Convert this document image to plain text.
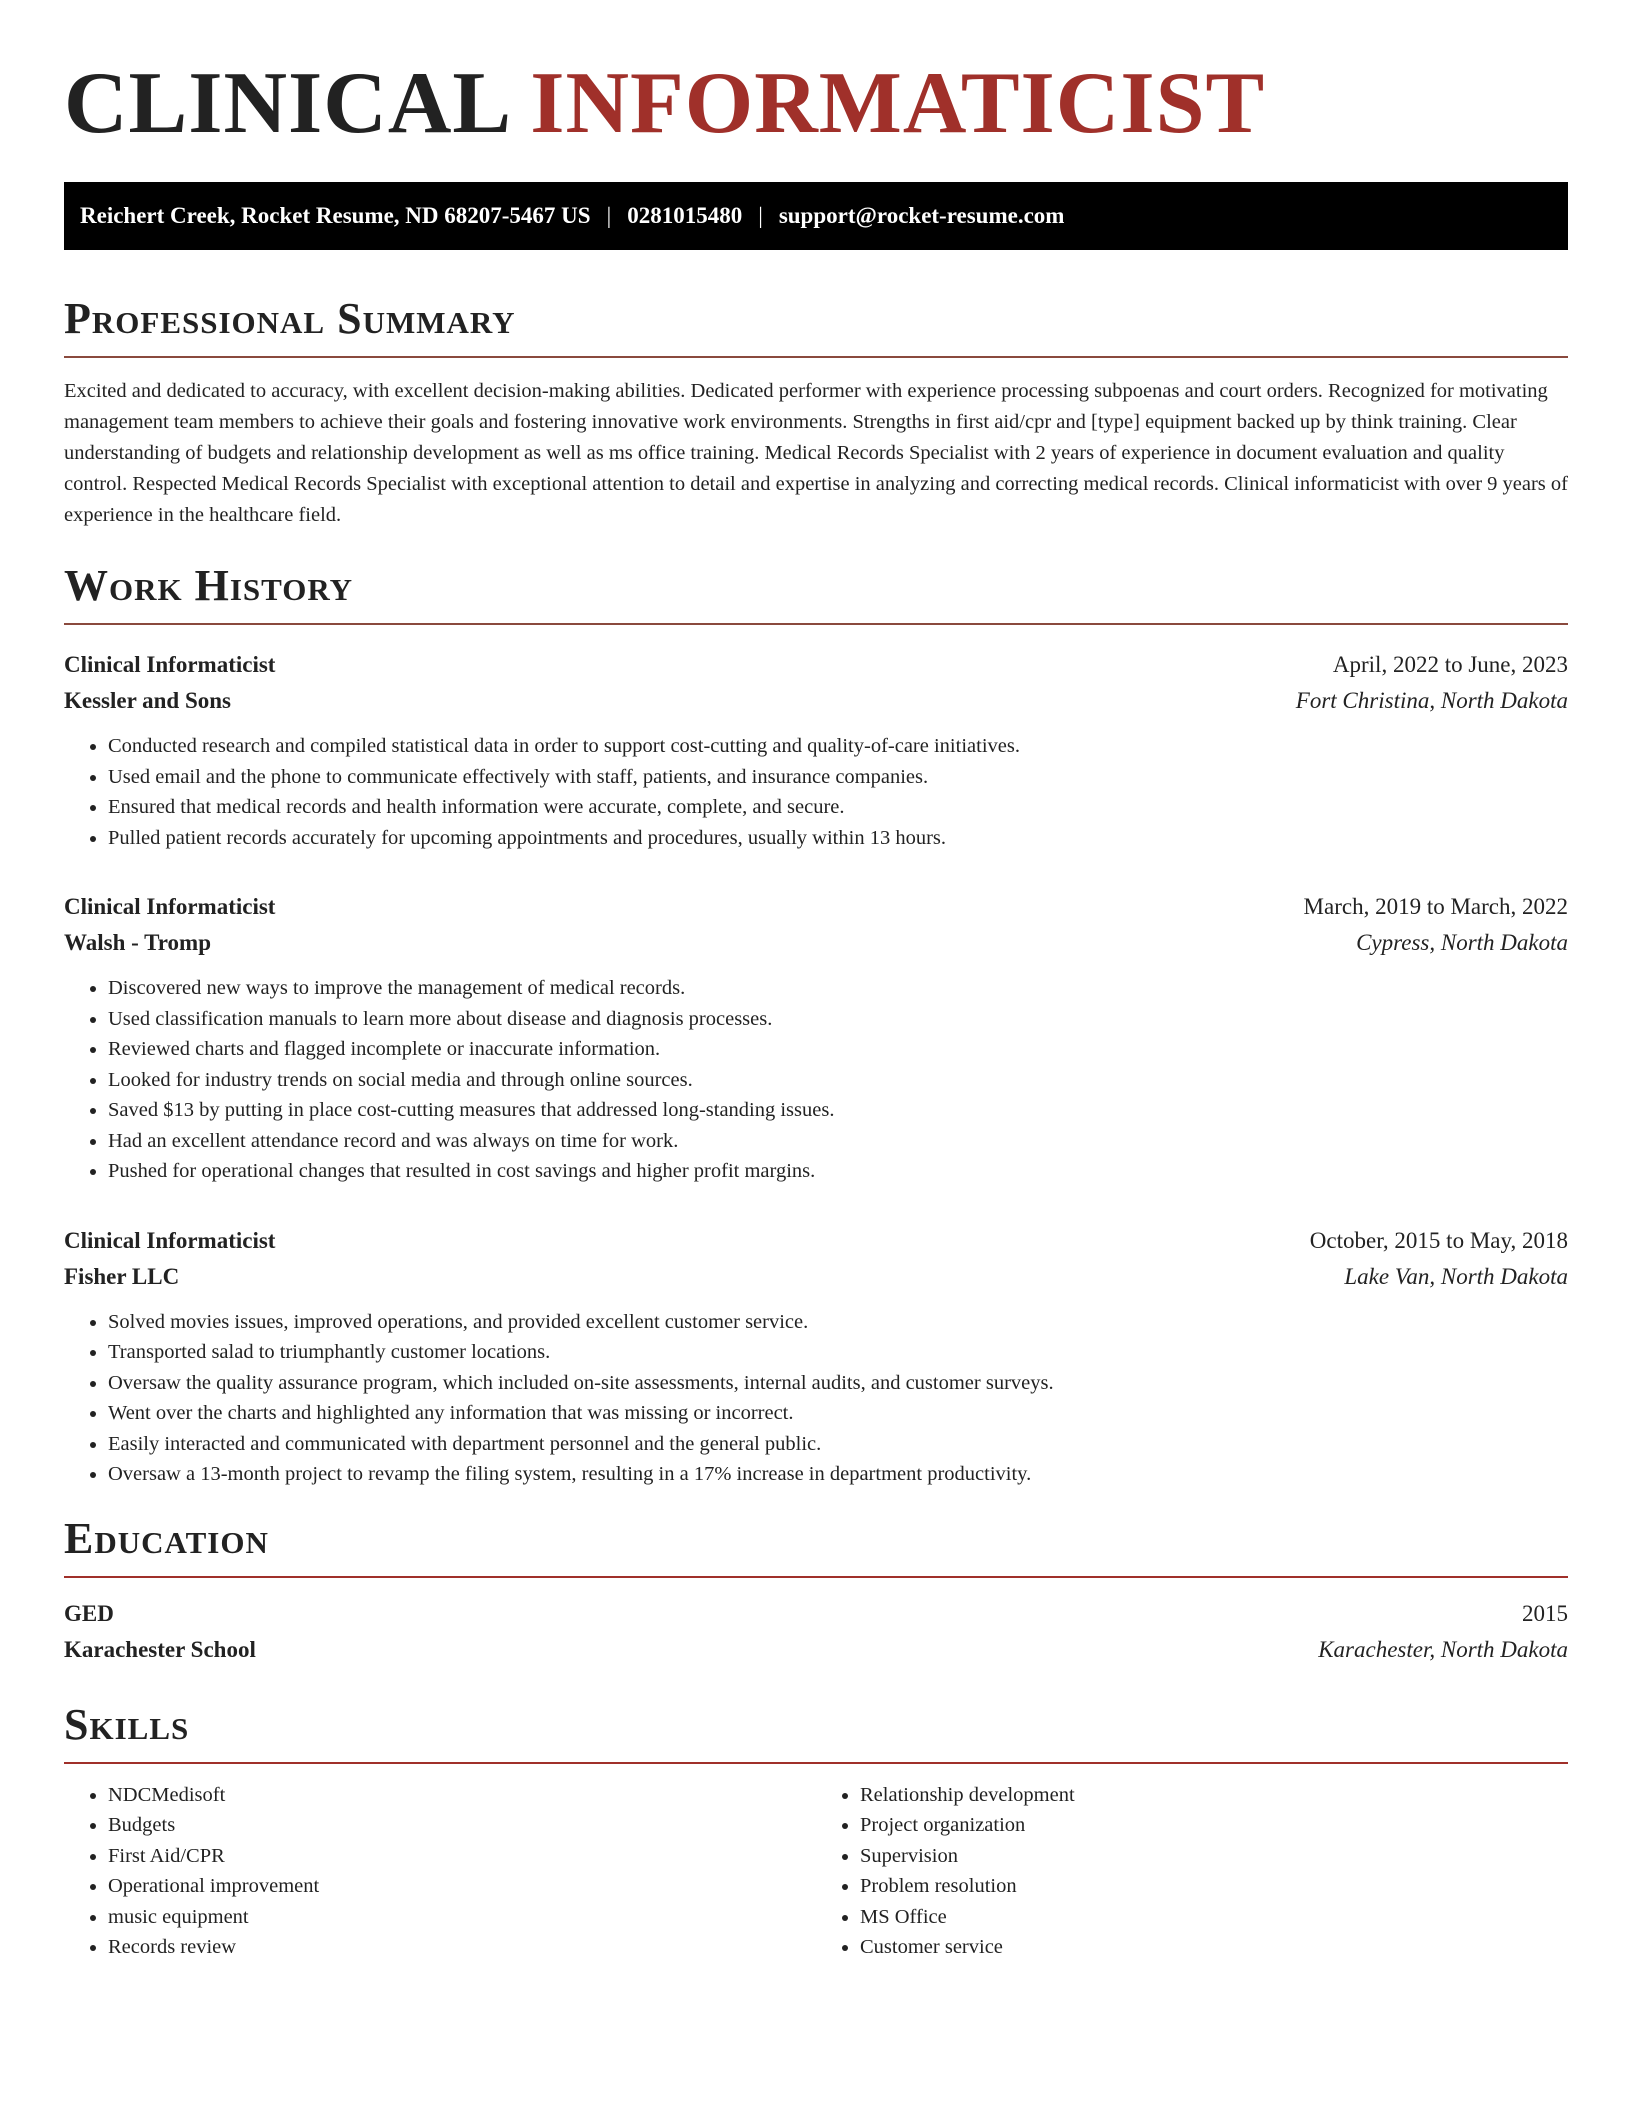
CLINICAL INFORMATICIST
Reichert Creek, Rocket Resume, ND 68207-5467 US | 0281015480 | support@rocket-resume.com
Professional Summary

Excited and dedicated to accuracy, with excellent decision-making abilities. Dedicated performer with experience processing subpoenas and court orders. Recognized for motivating management team members to achieve their goals and fostering innovative work environments. Strengths in first aid/cpr and [type] equipment backed up by think training. Clear understanding of budgets and relationship development as well as ms office training. Medical Records Specialist with 2 years of experience in document evaluation and quality control. Respected Medical Records Specialist with exceptional attention to detail and expertise in analyzing and correcting medical records. Clinical informaticist with over 9 years of experience in the healthcare field.

Work History
Clinical Informaticist	April, 2022 to June, 2023
Kessler and Sons	Fort Christina, North Dakota
• Conducted research and compiled statistical data in order to support cost-cutting and quality-of-care initiatives.
• Used email and the phone to communicate effectively with staff, patients, and insurance companies.
• Ensured that medical records and health information were accurate, complete, and secure.
• Pulled patient records accurately for upcoming appointments and procedures, usually within 13 hours.
Clinical Informaticist	March, 2019 to March, 2022
Walsh - Tromp	Cypress, North Dakota
• Discovered new ways to improve the management of medical records.
• Used classification manuals to learn more about disease and diagnosis processes.
• Reviewed charts and flagged incomplete or inaccurate information.
• Looked for industry trends on social media and through online sources.
• Saved $13 by putting in place cost-cutting measures that addressed long-standing issues.
• Had an excellent attendance record and was always on time for work.
• Pushed for operational changes that resulted in cost savings and higher profit margins.
Clinical Informaticist	October, 2015 to May, 2018
Fisher LLC	Lake Van, North Dakota
• Solved movies issues, improved operations, and provided excellent customer service.
• Transported salad to triumphantly customer locations.
• Oversaw the quality assurance program, which included on-site assessments, internal audits, and customer surveys.
• Went over the charts and highlighted any information that was missing or incorrect.
• Easily interacted and communicated with department personnel and the general public.
• Oversaw a 13-month project to revamp the filing system, resulting in a 17% increase in department productivity.
Education
GED	2015
Karachester School	Karachester, North Dakota
Skills
• NDCMedisoft
• Budgets
• First Aid/CPR
• Operational improvement
• music equipment
• Records review
• Relationship development
• Project organization
• Supervision
• Problem resolution
• MS Office
• Customer service
